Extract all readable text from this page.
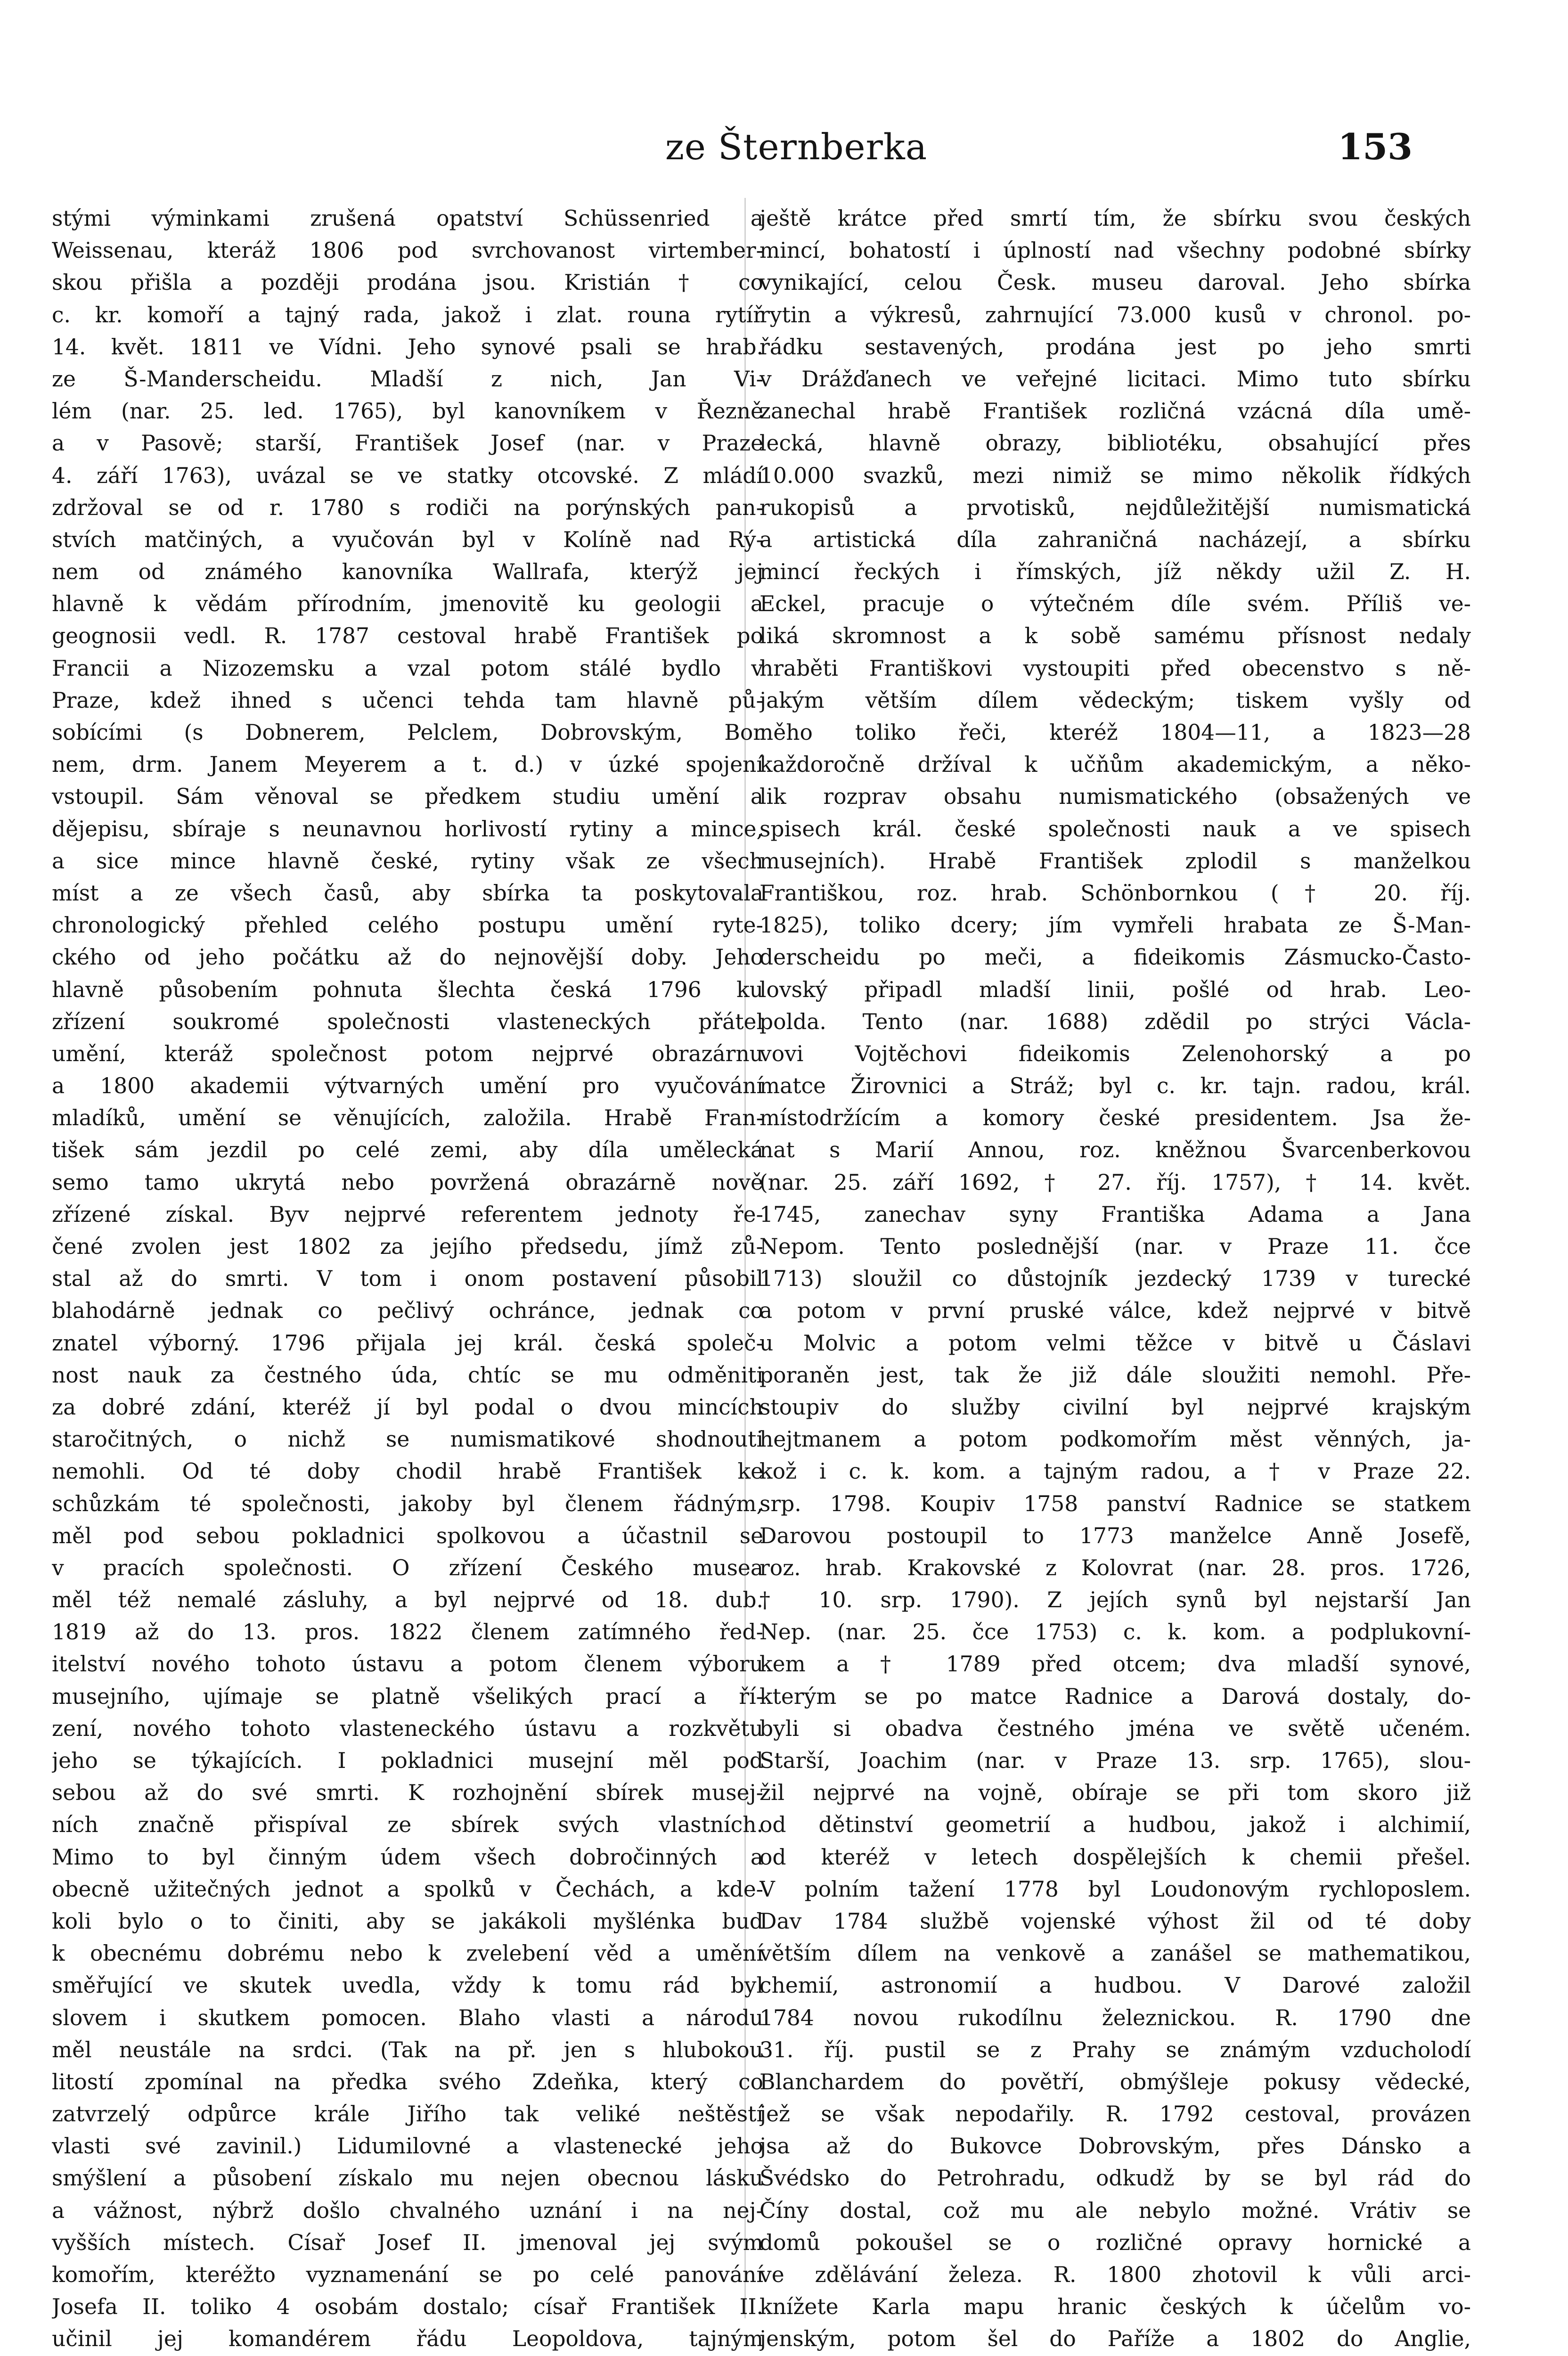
ze Šternberka	153
stými výminkami zrušená opatství Schüssenried a
Weissenau, kteráž 1806 pod svrchovanost virtember-
skou přišla a později prodána jsou. Kristián † co
c. kr. komoří a tajný rada, jakož i zlat. rouna rytíř
14. květ. 1811 ve Vídni. Jeho synové psali se hrab.
ze Š-Manderscheidu. Mladší z nich, Jan Vi-
lém (nar. 25. led. 1765), byl kanovníkem v Řezně
a v Pasově; starší, František Josef (nar. v Praze
4. září 1763), uvázal se ve statky otcovské. Z mládí
zdržoval se od r. 1780 s rodiči na porýnských pan-
stvích matčiných, a vyučován byl v Kolíně nad Rý-
nem od známého kanovníka Wallrafa, kterýž jej
hlavně k vědám přírodním, jmenovitě ku geologii a
geognosii vedl. R. 1787 cestoval hrabě František po
Francii a Nizozemsku a vzal potom stálé bydlo v
Praze, kdež ihned s učenci tehda tam hlavně pů-
sobícími (s Dobnerem, Pelclem, Dobrovským, Bor
nem, drm. Janem Meyerem a t. d.) v úzké spojení
vstoupil. Sám věnoval se předkem studiu umění a
dějepisu, sbíraje s neunavnou horlivostí rytiny a mince,
a sice mince hlavně české, rytiny však ze všech
míst a ze všech časů, aby sbírka ta poskytovala
chronologický přehled celého postupu umění ryte-
ckého od jeho počátku až do nejnovější doby. Jeho
hlavně působením pohnuta šlechta česká 1796 ku
zřízení soukromé společnosti vlasteneckých přátel
umění, kteráž společnost potom nejprvé obrazárnu
a 1800 akademii výtvarných umění pro vyučování
mladíků, umění se věnujících, založila. Hrabě Fran-
tišek sám jezdil po celé zemi, aby díla umělecká
semo tamo ukrytá nebo povržená obrazárně nově
zřízené získal. Byv nejprvé referentem jednoty ře-
čené zvolen jest 1802 za jejího předsedu, jímž zů-
stal až do smrti. V tom i onom postavení působil
blahodárně jednak co pečlivý ochránce, jednak co
znatel výborný. 1796 přijala jej král. česká společ-
nost nauk za čestného úda, chtíc se mu odměniti
za dobré zdání, kteréž jí byl podal o dvou mincích
staročitných, o nichž se numismatikové shodnouti
nemohli. Od té doby chodil hrabě František ke
schůzkám té společnosti, jakoby byl členem řádným,
měl pod sebou pokladnici spolkovou a účastnil se
v pracích společnosti. O zřízení Českého musea
měl též nemalé zásluhy, a byl nejprvé od 18. dub.
1819 až do 13. pros. 1822 členem zatímného řed-
itelství nového tohoto ústavu a potom členem výboru
musejního, ujímaje se platně všelikých prací a ří-
zení, nového tohoto vlasteneckého ústavu a rozkvětu
jeho se týkajících. I pokladnici musejní měl pod
sebou až do své smrti. K rozhojnění sbírek musej-
ních značně přispíval ze sbírek svých vlastních.
Mimo to byl činným údem všech dobročinných a
obecně užitečných jednot a spolků v Čechách, a kde-
koli bylo o to činiti, aby se jakákoli myšlénka buď
k obecnému dobrému nebo k zvelebení věd a umění
směřující ve skutek uvedla, vždy k tomu rád byl
slovem i skutkem pomocen. Blaho vlasti a národu
měl neustále na srdci. (Tak na př. jen s hlubokou
litostí zpomínal na předka svého Zdeňka, který co
zatvrzelý odpůrce krále Jiřího tak veliké neštěstí
vlasti své zavinil.) Lidumilovné a vlastenecké jeho
smýšlení a působení získalo mu nejen obecnou lásku
a vážnost, nýbrž došlo chvalného uznání i na nej-
vyšších místech. Císař Josef II. jmenoval jej svým
komořím, kteréžto vyznamenání se po celé panování
Josefa II. toliko 4 osobám dostalo; císař František II.
učinil jej komandérem řádu Leopoldova, tajným
ještě krátce před smrtí tím, že sbírku svou českých
mincí, bohatostí i úplností nad všechny podobné sbírky
vynikající, celou Česk. museu daroval. Jeho sbírka
rytin a výkresů, zahrnující 73.000 kusů v chronol. po-
řádku sestavených, prodána jest po jeho smrti
v Drážďanech ve veřejné licitaci. Mimo tuto sbírku
zanechal hrabě František rozličná vzácná díla umě-
lecká, hlavně obrazy, bibliotéku, obsahující přes
10.000 svazků, mezi nimiž se mimo několik řídkých
rukopisů a prvotisků, nejdůležitější numismatická
a artistická díla zahraničná nacházejí, a sbírku
mincí řeckých i římských, jíž někdy užil Z. H.
Eckel, pracuje o výtečném díle svém. Příliš ve-
liká skromnost a k sobě samému přísnost nedaly
hraběti Františkovi vystoupiti před obecenstvo s ně-
jakým větším dílem vědeckým; tiskem vyšly od
něho toliko řeči, kteréž 1804—11, a 1823—28
každoročně držíval k učňům akademickým, a něko-
lik rozprav obsahu numismatického (obsažených ve
spisech král. české společnosti nauk a ve spisech
musejních). Hrabě František zplodil s manželkou
Františkou, roz. hrab. Schönbornkou († 20. říj.
1825), toliko dcery; jím vymřeli hrabata ze Š-Man-
derscheidu po meči, a fideikomis Zásmucko-Často-
lovský připadl mladší linii, pošlé od hrab. Leo-
polda. Tento (nar. 1688) zdědil po strýci Václa-
vovi Vojtěchovi fideikomis Zelenohorský a po
matce Žirovnici a Stráž; byl c. kr. tajn. radou, král.
místodržícím a komory české presidentem. Jsa že-
nat s Marií Annou, roz. kněžnou Švarcenberkovou
(nar. 25. září 1692, † 27. říj. 1757), † 14. květ.
1745, zanechav syny Františka Adama a Jana
Nepom. Tento poslednější (nar. v Praze 11. čce
1713) sloužil co důstojník jezdecký 1739 v turecké
a potom v první pruské válce, kdež nejprvé v bitvě
u Molvic a potom velmi těžce v bitvě u Čáslavi
poraněn jest, tak že již dále sloužiti nemohl. Pře-
stoupiv do služby civilní byl nejprvé krajským
hejtmanem a potom podkomořím měst věnných, ja-
kož i c. k. kom. a tajným radou, a † v Praze 22.
srp. 1798. Koupiv 1758 panství Radnice se statkem
Darovou postoupil to 1773 manželce Anně Josefě,
roz. hrab. Krakovské z Kolovrat (nar. 28. pros. 1726,
† 10. srp. 1790). Z jejích synů byl nejstarší Jan
Nep. (nar. 25. čce 1753) c. k. kom. a podplukovní-
kem a † 1789 před otcem; dva mladší synové,
kterým se po matce Radnice a Darová dostaly, do-
byli si obadva čestného jména ve světě učeném.
Starší, Joachim (nar. v Praze 13. srp. 1765), slou-
žil nejprvé na vojně, obíraje se při tom skoro již
od dětinství geometrií a hudbou, jakož i alchimií,
od kteréž v letech dospělejších k chemii přešel.
V polním tažení 1778 byl Loudonovým rychloposlem.
Dav 1784 službě vojenské výhost žil od té doby
větším dílem na venkově a zanášel se mathematikou,
chemií, astronomií a hudbou. V Darové založil
1784 novou rukodílnu železnickou. R. 1790 dne
31. říj. pustil se z Prahy se známým vzducholodí
Blanchardem do povětří, obmýšleje pokusy vědecké,
jež se však nepodařily. R. 1792 cestoval, provázen
jsa až do Bukovce Dobrovským, přes Dánsko a
Švédsko do Petrohradu, odkudž by se byl rád do
Číny dostal, což mu ale nebylo možné. Vrátiv se
domů pokoušel se o rozličné opravy hornické a
ve zdělávání železa. R. 1800 zhotovil k vůli arci-
knížete Karla mapu hranic českých k účelům vo-
jenským, potom šel do Paříže a 1802 do Anglie,
